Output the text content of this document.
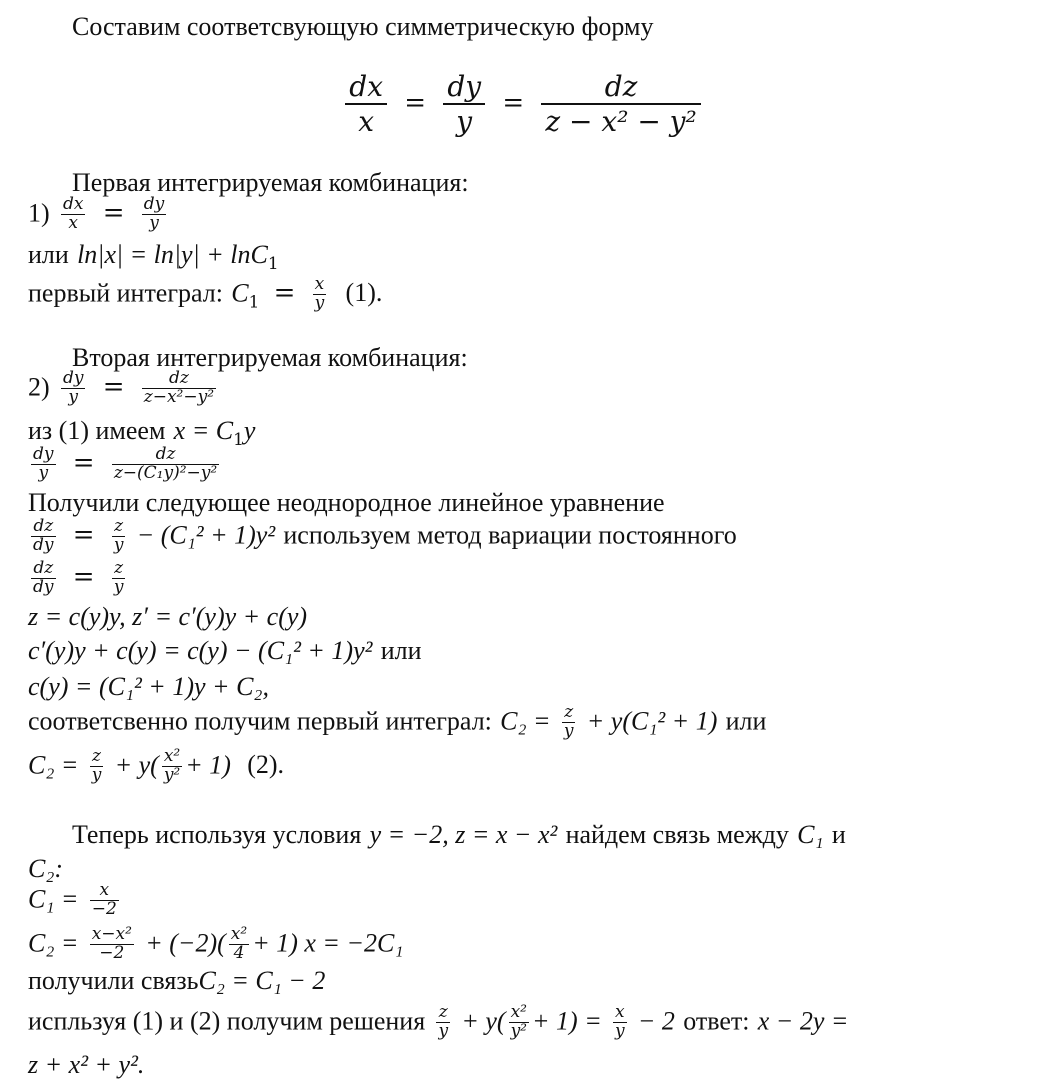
Составим соответсвующую симметрическую форму
$\frac{dx}{x} = \frac{dy}{y} = \frac{dz}{\text{z − x² − y²}}$
Первая интегрируемая комбинация:
$1) \frac{dx}{x} = \frac{dy}{y}$
или ln|x| = ln|y| + lnC$_1$
первый интеграл: $C_1 = \frac{x}{y} (1)$.
Вторая интегрируемая комбинация:
$2) \frac{dy}{y} = \frac{dz}{\text{z−x²−y²}}$
из (1) имеем $x = C_1y$
$\frac{dy}{y} = \frac{dz}{\text{z−(C₁y)²−y²}}$
Получили следующее неоднородное линейное уравнение
$\frac{dz}{dy} = \frac{z}{y} - (C_1^2 + 1)y^2$ используем метод вариации постоянного
$\frac{dz}{dy} = \frac{z}{y}$
z = c(y)y, z′ = c′(y)y + c(y)
c′(y)y + c(y) = c(y) − (C₁² + 1)y² или
c(y) = (C₁² + 1)y + C₂,
соответсвенно получим первый интеграл: $C_2 = \frac{z}{y} + y(C_1^2 + 1)$ или
$C_2 = \frac{z}{y} + y( \frac{\text{x²}}{\text{y²}} + 1)$ (2).
Теперь используя условия y = −2, z = x − x² найдем связь между C₁ и
C₂:
$C_1 = \frac{x}{-2}$
$C_2 = \frac{\text{x−x²}}{-2} + (-2)( \frac{\text{x²}}{4} + 1) x = -2C_1$
получили связьC₂ = C₁ − 2
испльзуя (1) и (2) получим решения $\frac{z}{y} + y( \frac{\text{x²}}{\text{y²}} + 1) = \frac{x}{y} - 2$ ответ: x − 2y =
z + x² + y².
